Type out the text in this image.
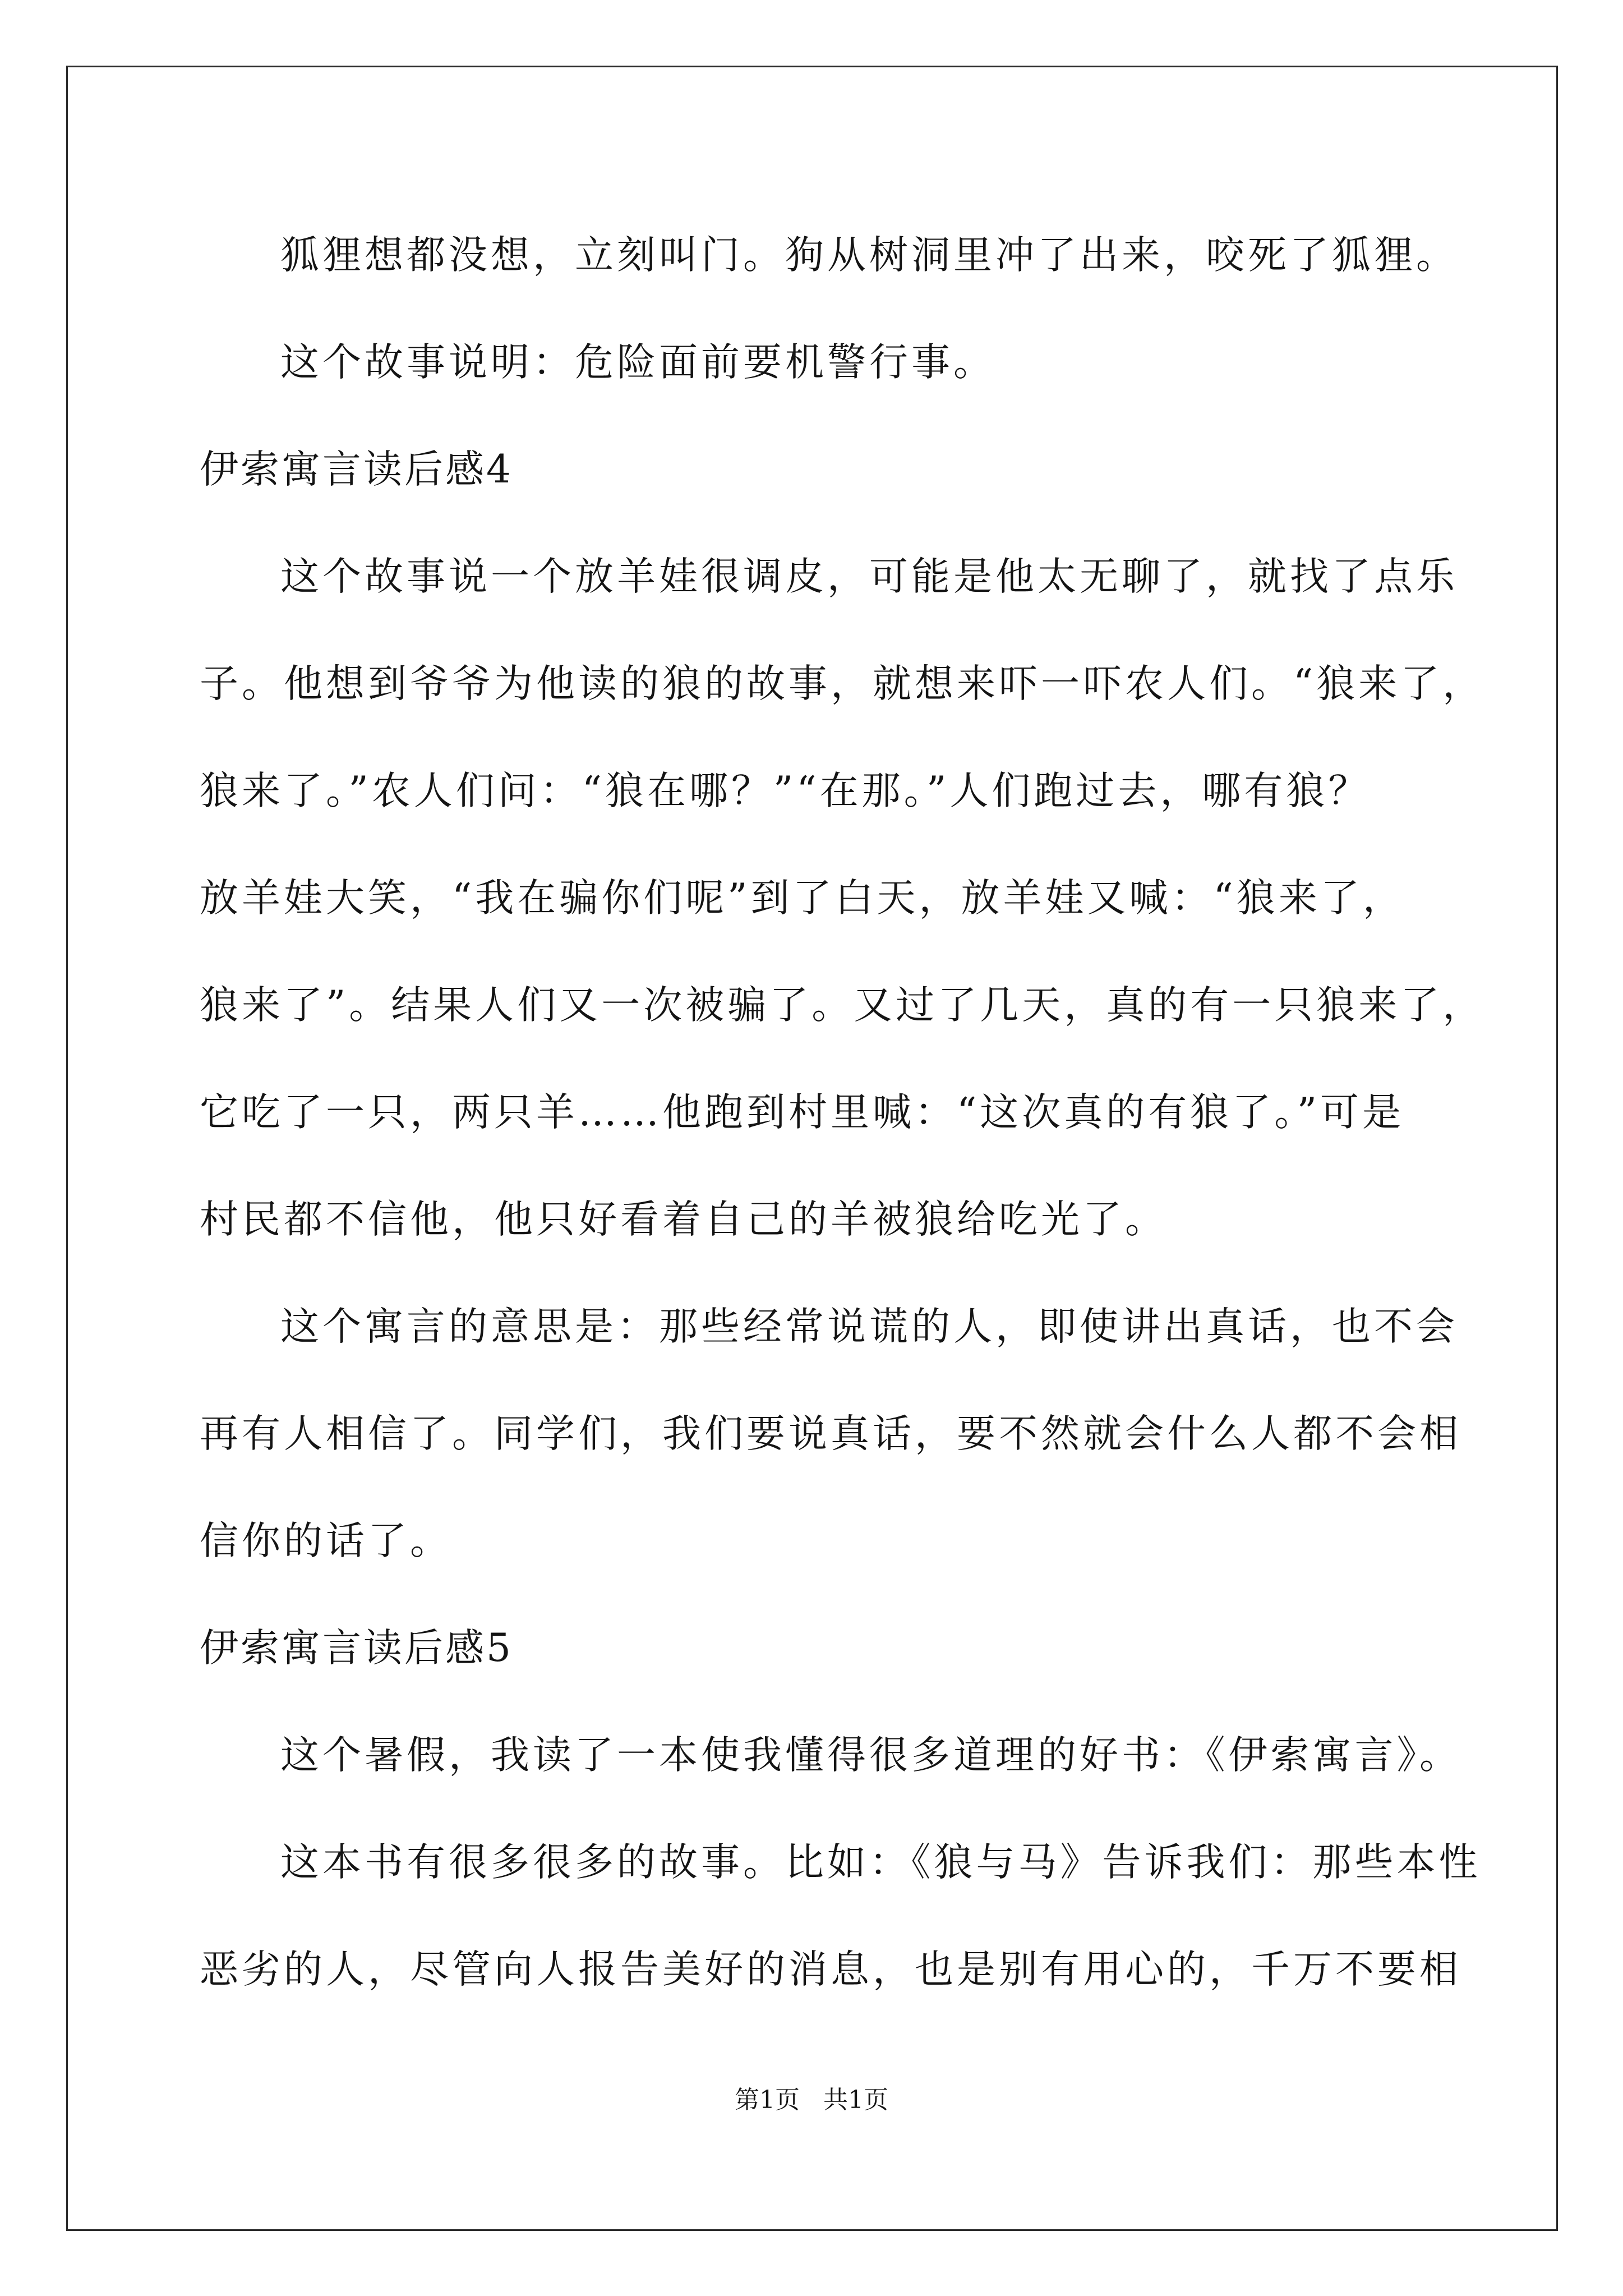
狐狸想都没想，立刻叫门。狗从树洞里冲了出来，咬死了狐狸。
这个故事说明：危险面前要机警行事。
伊索寓言读后感4
这个故事说一个放羊娃很调皮，可能是他太无聊了，就找了点乐
子。他想到爷爷为他读的狼的故事，就想来吓一吓农人们。“狼来了，
狼来了。”农人们问：“狼在哪？”“在那。”人们跑过去，哪有狼？
放羊娃大笑，“我在骗你们呢”到了白天，放羊娃又喊：“狼来了，
狼来了”。结果人们又一次被骗了。又过了几天，真的有一只狼来了，
它吃了一只，两只羊……他跑到村里喊：“这次真的有狼了。”可是
村民都不信他，他只好看着自己的羊被狼给吃光了。
这个寓言的意思是：那些经常说谎的人，即使讲出真话，也不会
再有人相信了。同学们，我们要说真话，要不然就会什么人都不会相
信你的话了。
伊索寓言读后感5
这个暑假，我读了一本使我懂得很多道理的好书：《伊索寓言》。
这本书有很多很多的故事。比如：《狼与马》告诉我们：那些本性
恶劣的人，尽管向人报告美好的消息，也是别有用心的，千万不要相
第1页   共1页
